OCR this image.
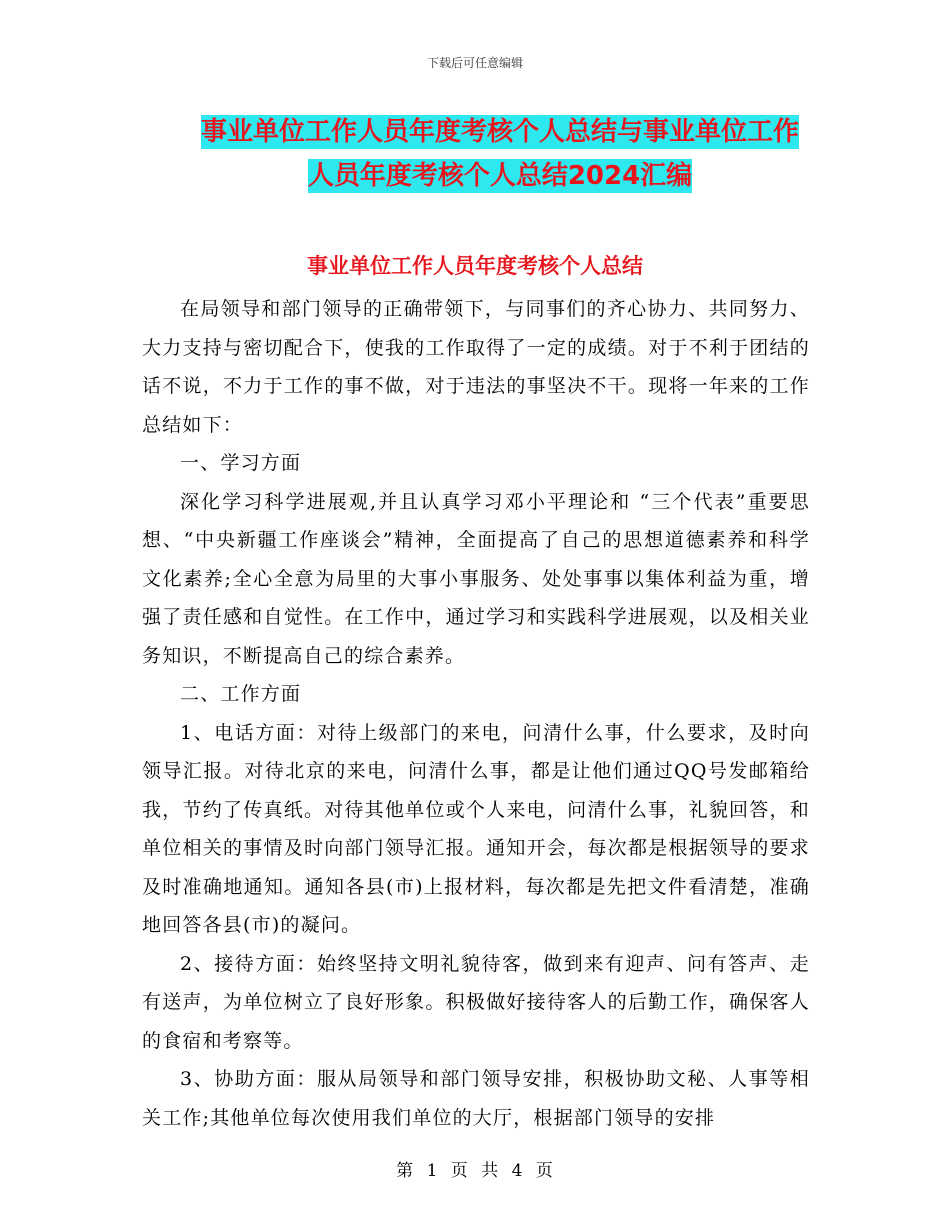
下载后可任意编辑
事业单位工作人员年度考核个人总结与事业单位工作
人员年度考核个人总结2024汇编
事业单位工作人员年度考核个人总结

在局领导和部门领导的正确带领下，与同事们的齐心协力、共同努力、大力支持与密切配合下，使我的工作取得了一定的成绩。对于不利于团结的话不说，不力于工作的事不做，对于违法的事坚决不干。现将一年来的工作总结如下：

一、学习方面

深化学习科学进展观,并且认真学习邓小平理论和 “三个代表”重要思想、“中央新疆工作座谈会”精神，全面提高了自己的思想道德素养和科学文化素养;全心全意为局里的大事小事服务、处处事事以集体利益为重，增强了责任感和自觉性。在工作中，通过学习和实践科学进展观，以及相关业务知识，不断提高自己的综合素养。

二、工作方面

1、电话方面：对待上级部门的来电，问清什么事，什么要求，及时向领导汇报。对待北京的来电，问清什么事，都是让他们通过QQ号发邮箱给我，节约了传真纸。对待其他单位或个人来电，问清什么事，礼貌回答，和单位相关的事情及时向部门领导汇报。通知开会，每次都是根据领导的要求及时准确地通知。通知各县(市)上报材料，每次都是先把文件看清楚，准确地回答各县(市)的凝问。

2、接待方面：始终坚持文明礼貌待客，做到来有迎声、问有答声、走有送声，为单位树立了良好形象。积极做好接待客人的后勤工作，确保客人的食宿和考察等。

3、协助方面：服从局领导和部门领导安排，积极协助文秘、人事等相关工作;其他单位每次使用我们单位的大厅，根据部门领导的安排

第 1 页 共 4 页
